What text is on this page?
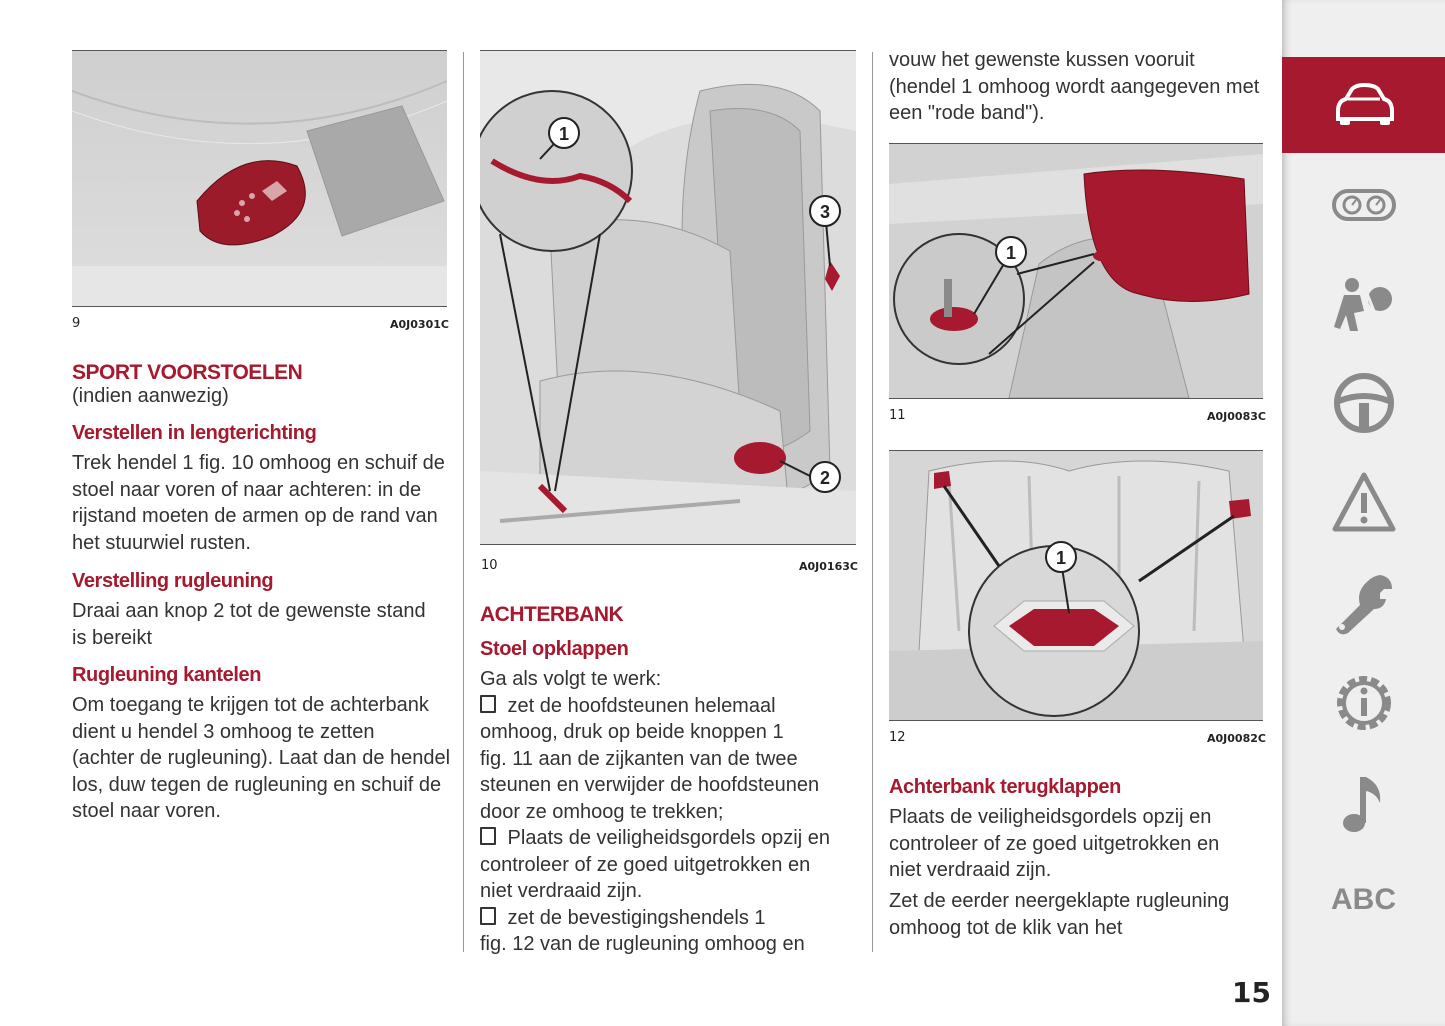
9	A0J0301C
SPORT VOORSTOELEN
(indien aanwezig)
Verstellen in lengterichting
Trek hendel 1 fig. 10 omhoog en schuif de
stoel naar voren of naar achteren: in de
rijstand moeten de armen op de rand van
het stuurwiel rusten.
Verstelling rugleuning
Draai aan knop 2 tot de gewenste stand
is bereikt
Rugleuning kantelen
Om toegang te krijgen tot de achterbank
dient u hendel 3 omhoog te zetten
(achter de rugleuning). Laat dan de hendel
los, duw tegen de rugleuning en schuif de
stoel naar voren.
1
3
2
10	A0J0163C
ACHTERBANK
Stoel opklappen
Ga als volgt te werk:
zet de hoofdsteunen helemaal
omhoog, druk op beide knoppen 1
fig. 11 aan de zijkanten van de twee
steunen en verwijder de hoofdsteunen
door ze omhoog te trekken;
Plaats de veiligheidsgordels opzij en
controleer of ze goed uitgetrokken en
niet verdraaid zijn.
zet de bevestigingshendels 1
fig. 12 van de rugleuning omhoog en
vouw het gewenste kussen vooruit
(hendel 1 omhoog wordt aangegeven met
een "rode band").
1
11	A0J0083C
1
12	A0J0082C
Achterbank terugklappen
Plaats de veiligheidsgordels opzij en
controleer of ze goed uitgetrokken en
niet verdraaid zijn.
Zet de eerder neergeklapte rugleuning
omhoog tot de klik van het
15
ABC
